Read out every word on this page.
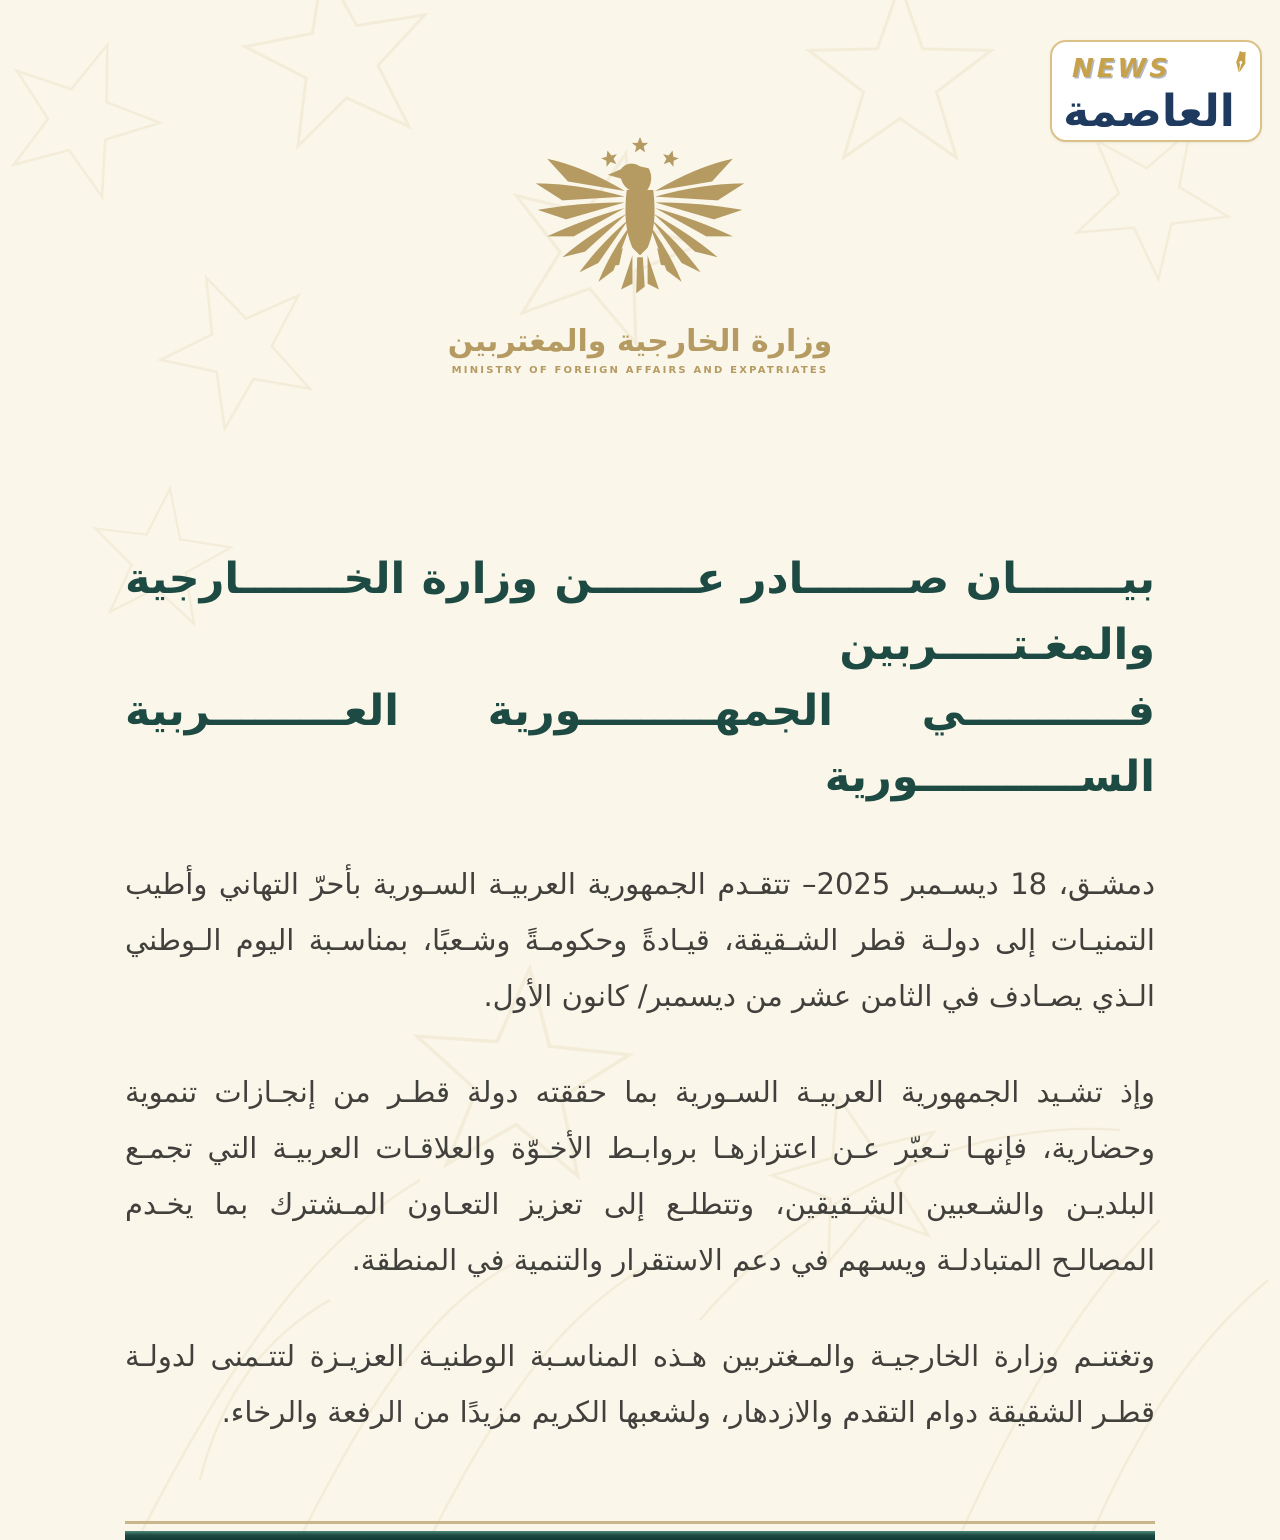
NEWS ✒
العاصمة
وزارة الخارجية والمغتربين
MINISTRY OF FOREIGN AFFAIRS AND EXPATRIATES
بيـــــــان صـــــــادر عـــــــن وزارة الخـــــــارجية والمغـتـــــربين
فـــــــــــي الجمهـــــــــورية العـــــــــربية الســـــــــــورية

دمشـق، 18 ديسـمبر 2025– تتقـدم الجمهورية العربيـة السـورية بأحرّ التهاني وأطيب التمنيـات إلى دولـة قطر الشـقيقة، قيـادةً وحكومـةً وشـعبًا، بمناسـبة اليوم الـوطني الـذي يصـادف في الثامن عشر من ديسمبر/ كانون الأول.

وإذ تشـيد الجمهورية العربيـة السـورية بما حققته دولة قطـر من إنجـازات تنموية وحضارية، فإنهـا تـعبّر عـن اعتزازهـا بروابـط الأخـوّة والعلاقـات العربيـة التي تجمـع البلديـن والشـعبين الشـقيقين، وتتطلـع إلى تعزيز التعـاون المـشترك بما يخـدم المصالـح المتبادلـة ويسـهم في دعم الاستقرار والتنمية في المنطقة.

وتغتنـم وزارة الخارجيـة والمـغتربين هـذه المناسـبة الوطنيـة العزيـزة لتتـمنى لدولـة قطـر الشقيقة دوام التقدم والازدهار، ولشعبها الكريم مزيدًا من الرفعة والرخاء.
